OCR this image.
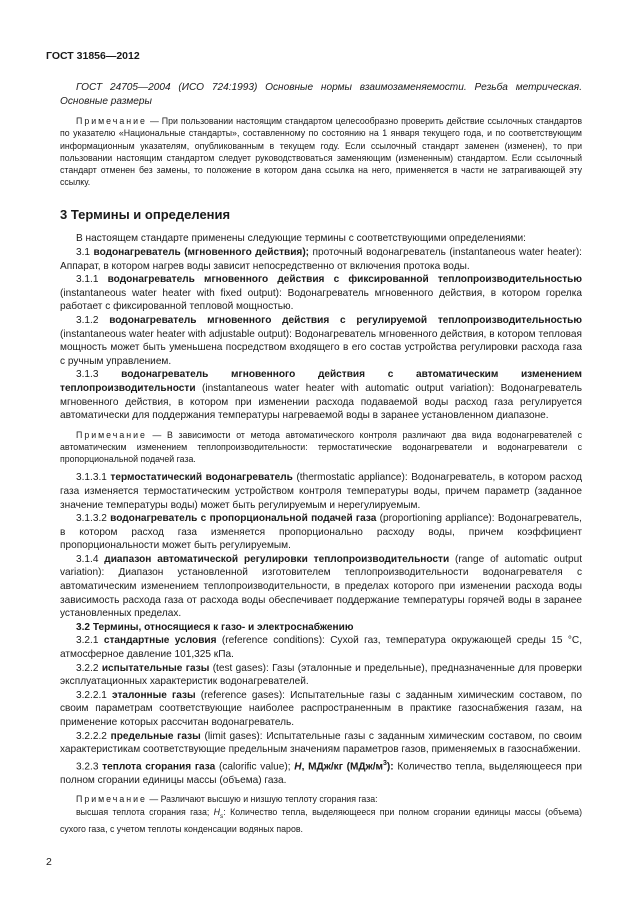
ГОСТ 31856—2012

ГОСТ 24705—2004 (ИСО 724:1993) Основные нормы взаимозаменяемости. Резьба метрическая.

Основные размеры

Примечание — При пользовании настоящим стандартом целесообразно проверить действие ссылочных стандартов по указателю «Национальные стандарты», составленному по состоянию на 1 января текущего года, и по соответствующим информационным указателям, опубликованным в текущем году. Если ссылочный стандарт заменен (изменен), то при пользовании настоящим стандартом следует руководствоваться заменяющим (измененным) стандартом. Если ссылочный стандарт отменен без замены, то положение в котором дана ссылка на него, применяется в части не затрагивающей эту ссылку.

3 Термины и определения

В настоящем стандарте применены следующие термины с соответствующими определениями:

3.1 водонагреватель (мгновенного действия); проточный водонагреватель (instantaneous water heater): Аппарат, в котором нагрев воды зависит непосредственно от включения протока воды.

3.1.1 водонагреватель мгновенного действия с фиксированной теплопроизводительностью (instantaneous water heater with fixed output): Водонагреватель мгновенного действия, в котором горелка работает с фиксированной тепловой мощностью.

3.1.2 водонагреватель мгновенного действия с регулируемой теплопроизводительностью (instantaneous water heater with adjustable output): Водонагреватель мгновенного действия, в котором тепловая мощность может быть уменьшена посредством входящего в его состав устройства регулировки расхода газа с ручным управлением.

3.1.3 водонагреватель мгновенного действия с автоматическим изменением теплопроизводительности (instantaneous water heater with automatic output variation): Водонагреватель мгновенного действия, в котором при изменении расхода подаваемой воды расход газа регулируется автоматически для поддержания температуры нагреваемой воды в заранее установленном диапазоне.

Примечание — В зависимости от метода автоматического контроля различают два вида водонагревателей с автоматическим изменением теплопроизводительности: термостатические водонагреватели и водонагреватели с пропорциональной подачей газа.

3.1.3.1 термостатический водонагреватель (thermostatic appliance): Водонагреватель, в котором расход газа изменяется термостатическим устройством контроля температуры воды, причем параметр (заданное значение температуры воды) может быть регулируемым и нерегулируемым.

3.1.3.2 водонагреватель с пропорциональной подачей газа (proportioning appliance): Водонагреватель, в котором расход газа изменяется пропорционально расходу воды, причем коэффициент пропорциональности может быть регулируемым.

3.1.4 диапазон автоматической регулировки теплопроизводительности (range of automatic output variation): Диапазон установленной изготовителем теплопроизводительности водонагревателя с автоматическим изменением теплопроизводительности, в пределах которого при изменении расхода воды зависимость расхода газа от расхода воды обеспечивает поддержание температуры горячей воды в заранее установленных пределах.

3.2 Термины, относящиеся к газо- и электроснабжению

3.2.1 стандартные условия (reference conditions): Сухой газ, температура окружающей среды 15 °С, атмосферное давление 101,325 кПа.

3.2.2 испытательные газы (test gases): Газы (эталонные и предельные), предназначенные для проверки эксплуатационных характеристик водонагревателей.

3.2.2.1 эталонные газы (reference gases): Испытательные газы с заданным химическим составом, по своим параметрам соответствующие наиболее распространенным в практике газоснабжения газам, на применение которых рассчитан водонагреватель.

3.2.2.2 предельные газы (limit gases): Испытательные газы с заданным химическим составом, по своим характеристикам соответствующие предельным значениям параметров газов, применяемых в газоснабжении.

3.2.3 теплота сгорания газа (calorific value); H, МДж/кг $(МДж/м^3)$: Количество тепла, выделяющееся при полном сгорании единицы массы (объема) газа.

Примечание — Различают высшую и низшую теплоту сгорания газа:

высшая теплота сгорания газа; $H_s$: Количество тепла, выделяющееся при полном сгорании единицы массы (объема) сухого газа, с учетом теплоты конденсации водяных паров.

2
